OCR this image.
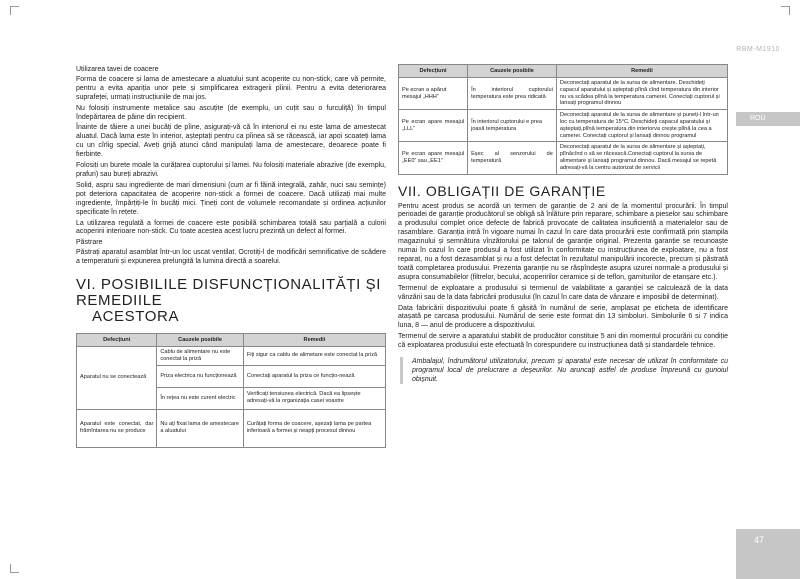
RBM-M1910
ROU
47

Utilizarea tavei de coacere

Forma de coacere și lama de amestecare a aluatului sunt acoperite cu non-stick, care vă permite, pentru a evita apariția unor pete și simplificarea extragerii pîinii. Pentru a evita deteriorarea suprafeței, urmați instrucțiunile de mai jos.

Nu folosiți instrumente metalice sau ascuțite (de exemplu, un cuțit sau o furculiță) în timpul îndepărtarea de pâine din recipient.

Înainte de tăiere a unei bucăți de pîine, asigurați-vă că în interiorul ei nu este lama de amestecat aluatul. Dacă lama este în interior, așteptați pentru ca pîinea să se răcească, iar apoi scoateți lama cu un cîrlig special. Aveți grijă atunci când manipulați lama de amestecare, deoarece poate fi fierbinte.

Folosiți un burete moale la curățarea cuptorului și lamei. Nu folosiți materiale abrazive (de exemplu, prafuri) sau bureți abrazivi.

Solid, aspru sau ingrediente de mari dimensiuni (cum ar fi făină integrală, zahăr, nuci sau semințe) pot deteriora capacitatea de acoperire non-stick a formei de coacere. Dacă utilizați mai multe ingrediente, împărțiți-le în bucăți mici. Țineți cont de volumele recomandate și ordinea acțiunilor specificate în rețete.

La utilizarea regulată a formei de coacere este posibilă schimbarea totală sau parțială a culorii acoperirii interioare non-stick. Cu toate acestea acest lucru prezintă un defect al formei.

Păstrare

Păstrați aparatul asamblat într-un loc uscat ventilat. Ocrotiți-l de modificări semnificative de scădere a temperaturii și expunerea prelungită la lumina directă a soarelui.

VI. POSIBILILE DISFUNCȚIONALITĂȚI ȘI REMEDIILE
ACESTORA
Defecțiuni	Cauzele posibile	Remedii
Aparatul nu se conectează	Cablu de alimentare nu este conectat la priză	Fiți sigur ca cablu de alimetare este conectat la priză
	Priza electrica nu funcționează	Conectați aparatul la priza ce funcțio-nează
	În rețea nu este curent electric	Verificați tensiunea electrică. Dacă ea lipsește adresați-vă la organizația casei voastre
Aparatul este conectat, dar frămîntarea nu se produce	Nu ați fixat lama de amestecare a aluatului	Curățați forma de coacere, așezați lama pe partea inferioară a formei și neapți procesul dinnou
Defecțiuni	Cauzele posibile	Remedii
Pe ecran a apărut mesajul „HHH”	În interiorul cuptorului temperatura este prea ridicată	Deconectați aparatul de la sursa de alimentare. Deschideți capacul aparatului și așteptați plînă cînd temperatura din interior nu va scădea plînă la temperatura camerei. Conectați cuptorul și lansați programul dinnou
Pe ecran apare mesajul „LLL”	În interiorul cuptorului e prea joasă temperatura	Deconectați aparatul de la sursa de alimentare și puneți-l într-un loc cu temperatura de 15°C. Deschideți capacul aparatului și așteptați,plînă temperatura din interiorva crește plînă la cea a camerei. Conectați cuptorul și lansați dinnou programul
Pe ecran apare mesajul „EE0” sau „EE1”	Eșec al senzorului de temperatură	Deconectați aparatul de la sursa de alimentare și așteptați, plînăcînd o să se răcească.Conectați cuptorul la sursa de alimentare și lansați programul dinnou. Dacă mesajul se repetă adresați-vă la centru autorizat de servicii
VII. OBLIGAȚII DE GARANȚIE

Pentru acest produs se acordă un termen de garanție de 2 ani de la momentul procurării. În timpul perioadei de garanție producătorul se obligă să înlăture prin reparare, schimbare a pieselor sau schimbare a produsului complet orice defecte de fabrică provocate de calitatea insuficientă a materialelor sau de rasamblare. Garanția intră în vigoare numai în cazul în care data procurării este confirmată prin ștampila magazinului și semnătura vînzătorului pe talonul de garanție original. Prezenta garanție se recunoaște numai în cazul în care produsul a fost utilizat în conformitate cu instrucțiunea de exploatare, nu a fost reparat, nu a fost dezasamblat și nu a fost defectat în rezultatul manipulării incorecte, precum și păstrată toată completarea produsului. Prezenta garanție nu se răspîndește asupra uzurei normale a produsului și asupra consumabilelor (filtrelor, becului, acoperirilor ceramice și de teflon, garniturilor de etanșare etc.).

Termenul de exploatare a produsului și termenul de valabilitate a garanției se calculează de la data vânzării sau de la data fabricării produsului (în cazul în care data de vânzare e imposibil de determinat).

Data fabricării dispozitivului poate fi găsită în numărul de serie, amplasat pe eticheta de identificare atașată pe carcasa produsului. Numărul de serie este format din 13 simboluri. Simbolurile 6 si 7 indica luna, 8 — anul de producere a dispozitivului.

Termenul de servire a aparatului stabilit de producător constituie 5 ani din momentul procurării cu condiție că exploatarea produsului este efectuată în corespundere cu instrucțiunea dată și standardele tehnice.

Ambalajul, îndrumătorul utilizatorului, precum și aparatul este necesar de utilizat în conformitate cu programul local de prelucrare a deșeurilor. Nu aruncați astfel de produse împreună cu gunoiul obișnuit.
